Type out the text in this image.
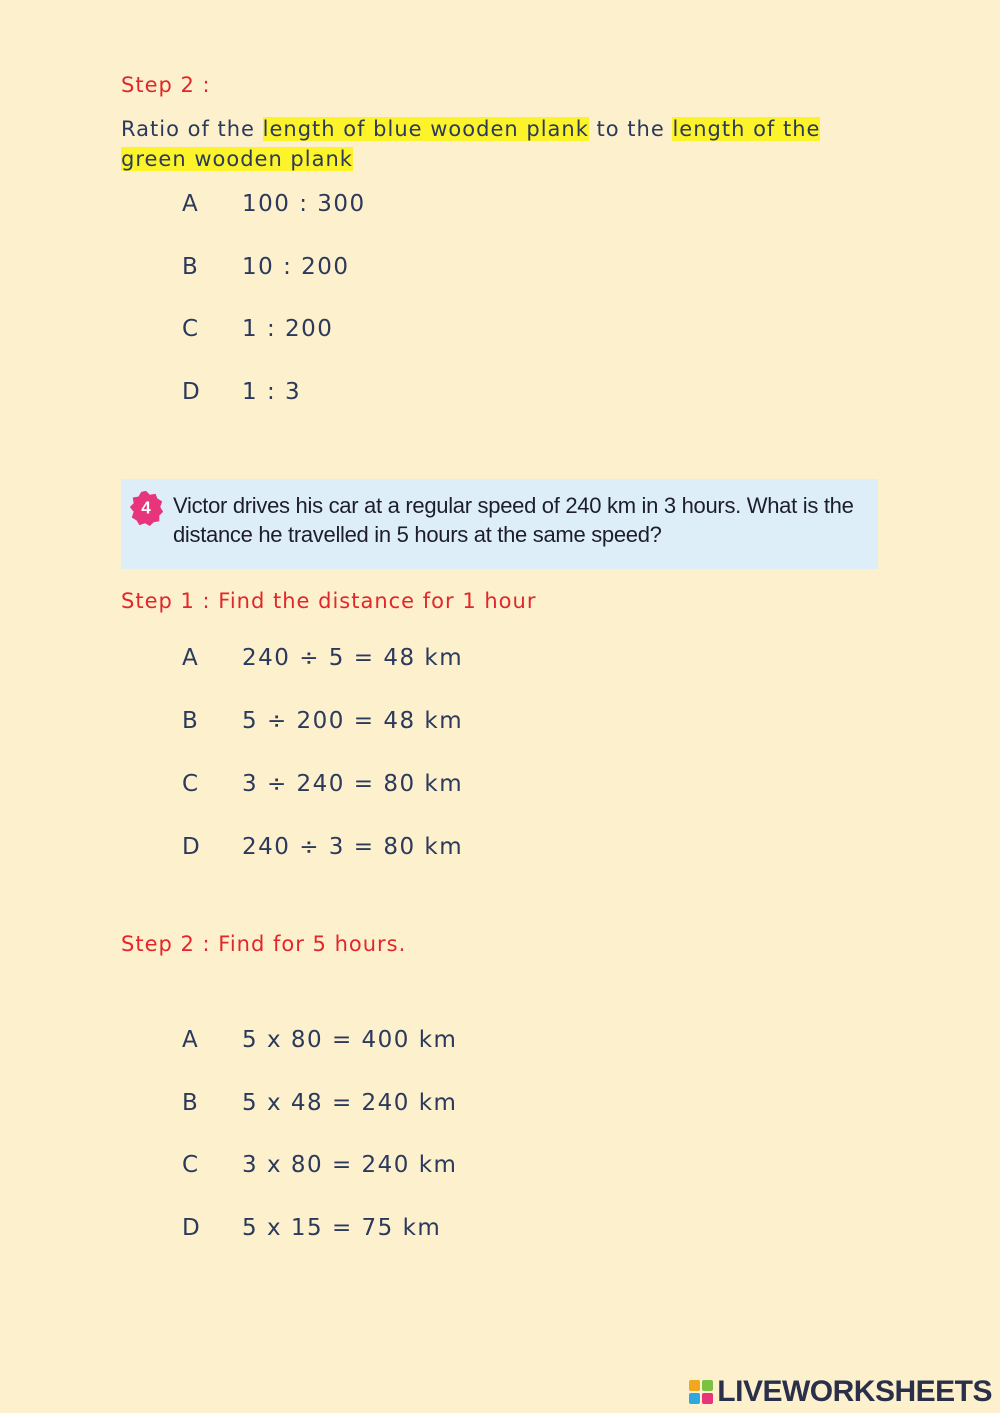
Step 2 :
Ratio of the length of blue wooden plank to the length of the green wooden plank
A 100 : 300
B 10 : 200
C 1 : 200
D 1 : 3
4 Victor drives his car at a regular speed of 240 km in 3 hours. What is the distance he travelled in 5 hours at the same speed?
Step 1 : Find the distance for 1 hour
A 240 ÷ 5 = 48 km
B 5 ÷ 200 = 48 km
C 3 ÷ 240 = 80 km
D 240 ÷ 3 = 80 km
Step 2 : Find for 5 hours.
A 5 x 80 = 400 km
B 5 x 48 = 240 km
C 3 x 80 = 240 km
D 5 x 15 = 75 km
LIVEWORKSHEETS
